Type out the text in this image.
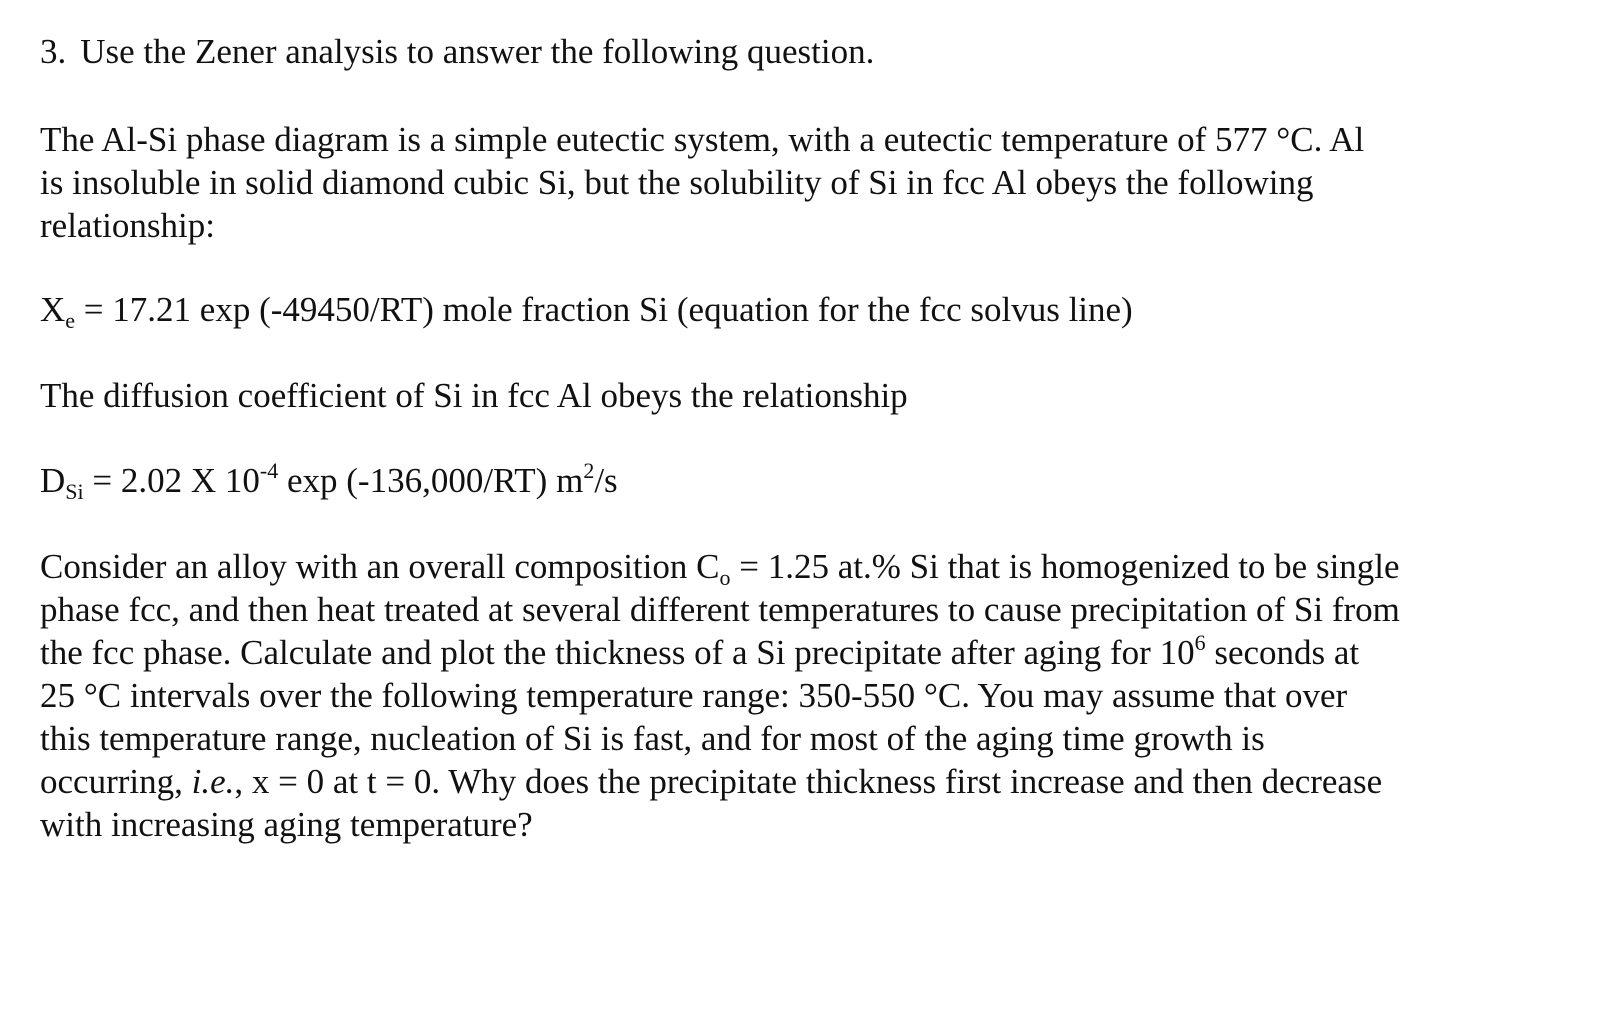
3. Use the Zener analysis to answer the following question.

The Al-Si phase diagram is a simple eutectic system, with a eutectic temperature of 577 °C. Al
is insoluble in solid diamond cubic Si, but the solubility of Si in fcc Al obeys the following
relationship:

$X_e = 17.21$ exp (-49450/RT) mole fraction Si (equation for the fcc solvus line)

The diffusion coefficient of Si in fcc Al obeys the relationship

$D_{Si} = 2.02$ X $10^{-4}$ exp (-136,000/RT) $m^2/s$

Consider an alloy with an overall composition $C_o = 1.25$ at.% Si that is homogenized to be single
phase fcc, and then heat treated at several different temperatures to cause precipitation of Si from
the fcc phase. Calculate and plot the thickness of a Si precipitate after aging for $10^6$ seconds at
25 °C intervals over the following temperature range: 350-550 °C. You may assume that over
this temperature range, nucleation of Si is fast, and for most of the aging time growth is
occurring, i.e., x = 0 at t = 0. Why does the precipitate thickness first increase and then decrease
with increasing aging temperature?
